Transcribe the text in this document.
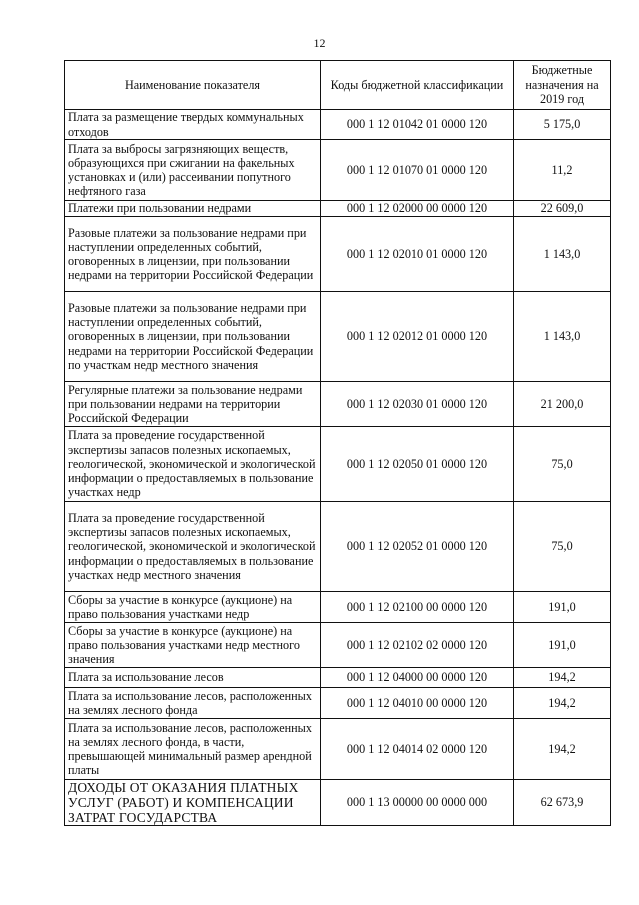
12
Наименование показателя	Коды бюджетной классификации	Бюджетные назначения на 2019 год
Плата за размещение твердых коммунальных отходов	000 1 12 01042 01 0000 120	5 175,0
Плата за выбросы загрязняющих веществ, образующихся при сжигании на факельных установках и (или) рассеивании попутного нефтяного газа	000 1 12 01070 01 0000 120	11,2
Платежи при пользовании недрами	000 1 12 02000 00 0000 120	22 609,0
Разовые платежи за пользование недрами при наступлении определенных событий, оговоренных в лицензии, при пользовании недрами на территории Российской Федерации	000 1 12 02010 01 0000 120	1 143,0
Разовые платежи за пользование недрами при наступлении определенных событий, оговоренных в лицензии, при пользовании недрами на территории Российской Федерации по участкам недр местного значения	000 1 12 02012 01 0000 120	1 143,0
Регулярные платежи за пользование недрами при пользовании недрами на территории Российской Федерации	000 1 12 02030 01 0000 120	21 200,0
Плата за проведение государственной экспертизы запасов полезных ископаемых, геологической, экономической и экологической информации о предоставляемых в пользование участках недр	000 1 12 02050 01 0000 120	75,0
Плата за проведение государственной экспертизы запасов полезных ископаемых, геологической, экономической и экологической информации о предоставляемых в пользование участках недр местного значения	000 1 12 02052 01 0000 120	75,0
Сборы за участие в конкурсе (аукционе) на право пользования участками недр	000 1 12 02100 00 0000 120	191,0
Сборы за участие в конкурсе (аукционе) на право пользования участками недр местного значения	000 1 12 02102 02 0000 120	191,0
Плата за использование лесов	000 1 12 04000 00 0000 120	194,2
Плата за использование лесов, расположенных на землях лесного фонда	000 1 12 04010 00 0000 120	194,2
Плата за использование лесов, расположенных на землях лесного фонда, в части, превышающей минимальный размер арендной платы	000 1 12 04014 02 0000 120	194,2
ДОХОДЫ ОТ ОКАЗАНИЯ ПЛАТНЫХ УСЛУГ (РАБОТ) И КОМПЕНСАЦИИ ЗАТРАТ ГОСУДАРСТВА	000 1 13 00000 00 0000 000	62 673,9
